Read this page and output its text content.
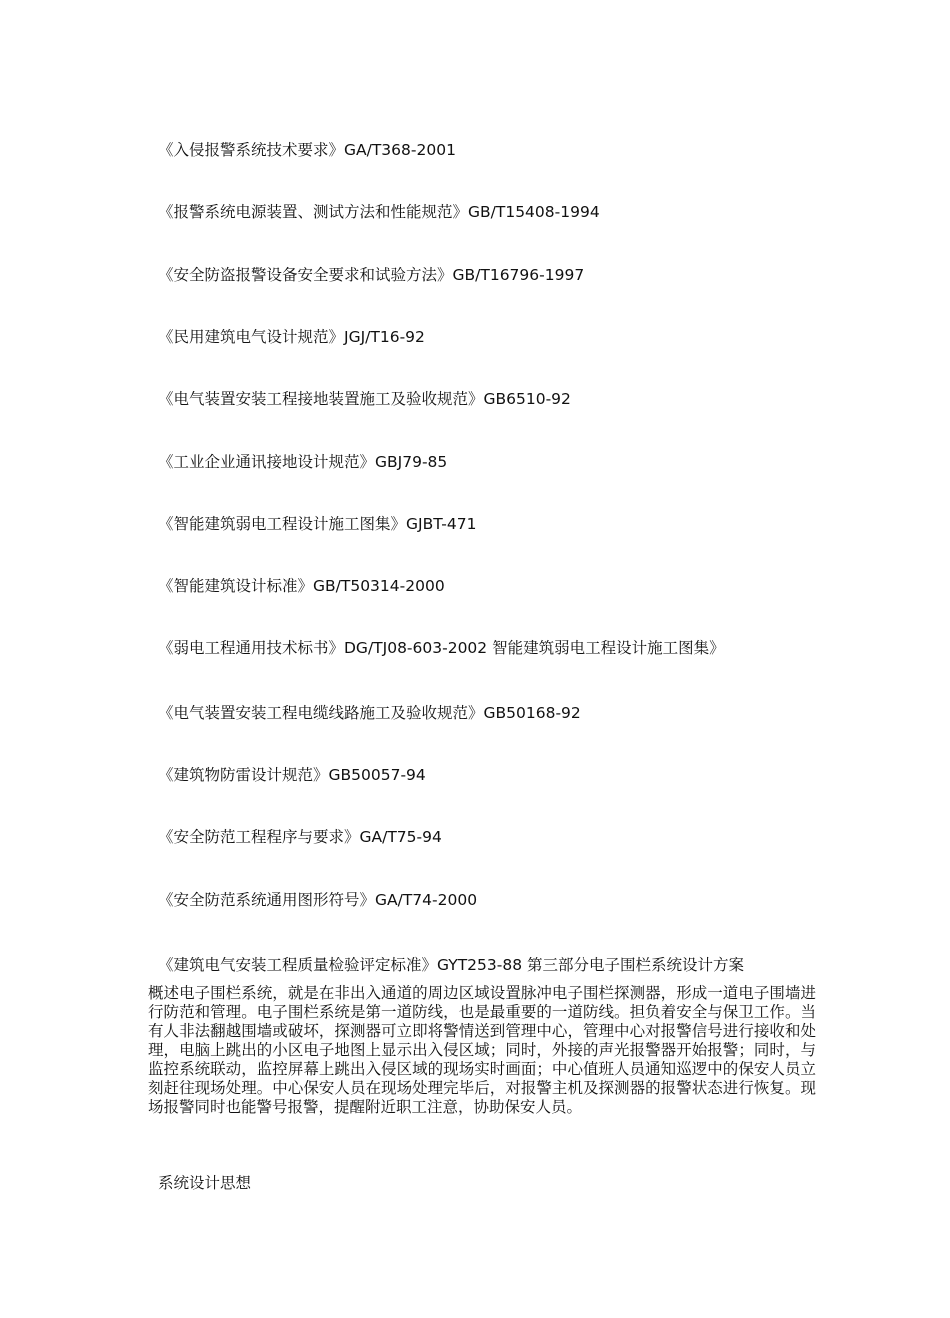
《入侵报警系统技术要求》GA/T368-2001
《报警系统电源装置、测试方法和性能规范》GB/T15408-1994
《安全防盗报警设备安全要求和试验方法》GB/T16796-1997
《民用建筑电气设计规范》JGJ/T16-92
《电气装置安装工程接地装置施工及验收规范》GB6510-92
《工业企业通讯接地设计规范》GBJ79-85
《智能建筑弱电工程设计施工图集》GJBT-471
《智能建筑设计标准》GB/T50314-2000
《弱电工程通用技术标书》DG/TJ08-603-2002 智能建筑弱电工程设计施工图集》
《电气装置安装工程电缆线路施工及验收规范》GB50168-92
《建筑物防雷设计规范》GB50057-94
《安全防范工程程序与要求》GA/T75-94
《安全防范系统通用图形符号》GA/T74-2000
《建筑电气安装工程质量检验评定标准》GYT253-88 第三部分电子围栏系统设计方案
概述电子围栏系统，就是在非出入通道的周边区域设置脉冲电子围栏探测器，形成一道电子围墙进行防范和管理。电子围栏系统是第一道防线，也是最重要的一道防线。担负着安全与保卫工作。当有人非法翻越围墙或破坏，探测器可立即将警情送到管理中心，管理中心对报警信号进行接收和处理，电脑上跳出的小区电子地图上显示出入侵区域；同时，外接的声光报警器开始报警；同时，与监控系统联动，监控屏幕上跳出入侵区域的现场实时画面；中心值班人员通知巡逻中的保安人员立刻赶往现场处理。中心保安人员在现场处理完毕后，对报警主机及探测器的报警状态进行恢复。现场报警同时也能警号报警，提醒附近职工注意，协助保安人员。
系统设计思想
